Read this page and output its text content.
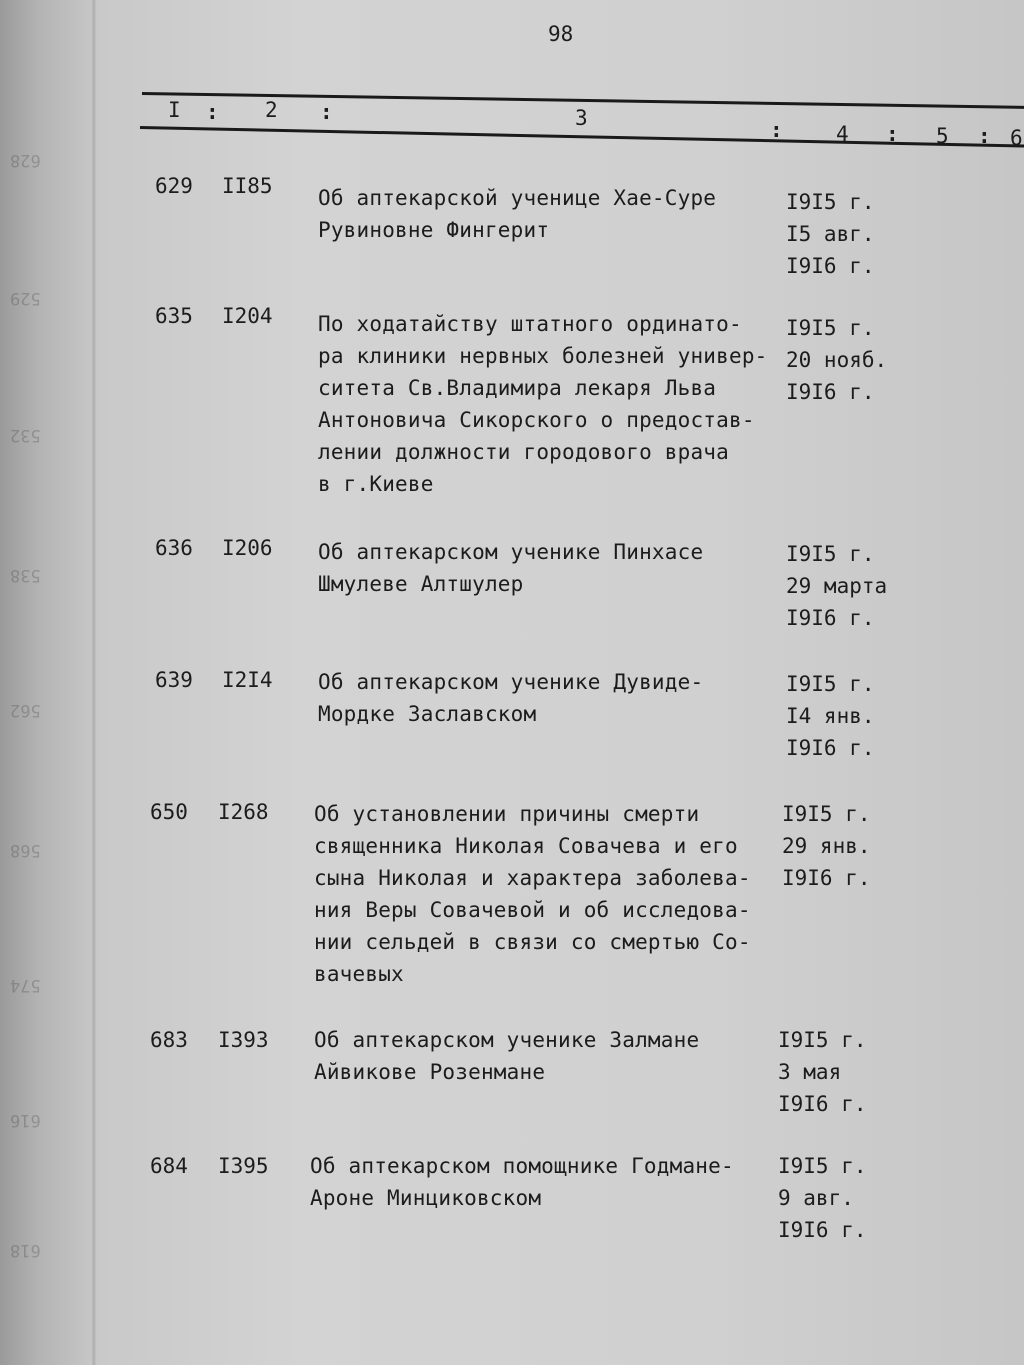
628
529
532
538
562
568
574
616
618
98
I : 2 :	3	:	4 : 5 : 6
629 II85 Об аптекарской ученице Хае-Суре
Рувиновне Фингерит
I9I5 г.
I5 авг.
I9I6 г.
635 I204 По ходатайству штатного ординато-
ра клиники нервных болезней универ-
ситета Св.Владимира лекаря Льва
Антоновича Сикорского о предостав-
лении должности городового врача
в г.Киеве
I9I5 г.
20 нояб.
I9I6 г.
636 I206 Об аптекарском ученике Пинхасе
Шмулеве Алтшулер
I9I5 г.
29 марта
I9I6 г.
639 I2I4 Об аптекарском ученике Дувиде-
Мордке Заславском
I9I5 г.
I4 янв.
I9I6 г.
650 I268 Об установлении причины смерти
священника Николая Совачева и его
сына Николая и характера заболева-
ния Веры Совачевой и об исследова-
нии сельдей в связи со смертью Со-
вачевых
I9I5 г.
29 янв.
I9I6 г.
683 I393 Об аптекарском ученике Залмане
Айвикове Розенмане
I9I5 г.
3 мая
I9I6 г.
684 I395 Об аптекарском помощнике Годмане-
Ароне Минциковском
I9I5 г.
9 авг.
I9I6 г.
